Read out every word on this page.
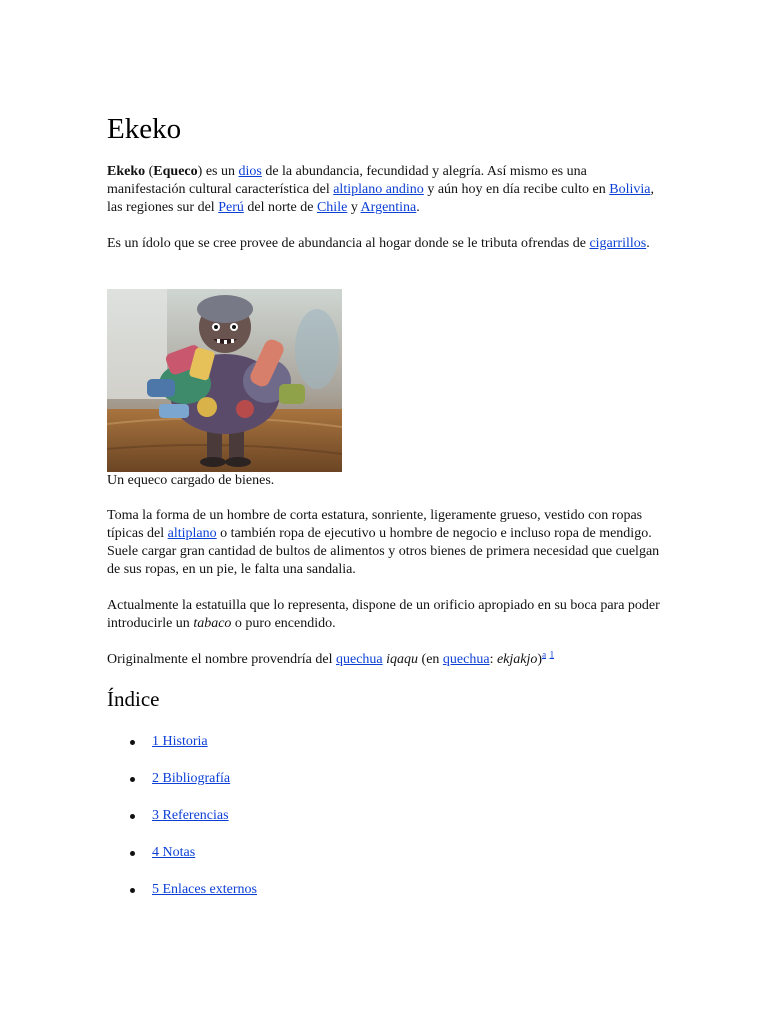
Ekeko

Ekeko (Equeco) es un dios de la abundancia, fecundidad y alegría. Así mismo es una manifestación cultural característica del altiplano andino y aún hoy en día recibe culto en Bolivia, las regiones sur del Perú del norte de Chile y Argentina.

Es un ídolo que se cree provee de abundancia al hogar donde se le tributa ofrendas de cigarrillos.

Un equeco cargado de bienes.

Toma la forma de un hombre de corta estatura, sonriente, ligeramente grueso, vestido con ropas típicas del altiplano o también ropa de ejecutivo u hombre de negocio e incluso ropa de mendigo. Suele cargar gran cantidad de bultos de alimentos y otros bienes de primera necesidad que cuelgan de sus ropas, en un pie, le falta una sandalia.

Actualmente la estatuilla que lo representa, dispone de un orificio apropiado en su boca para poder introducirle un tabaco o puro encendido.

Originalmente el nombre provendría del quechua iqaqu (en quechua: ekjakjo)$^a$ $^1$

Índice
1 Historia
2 Bibliografía
3 Referencias
4 Notas
5 Enlaces externos
